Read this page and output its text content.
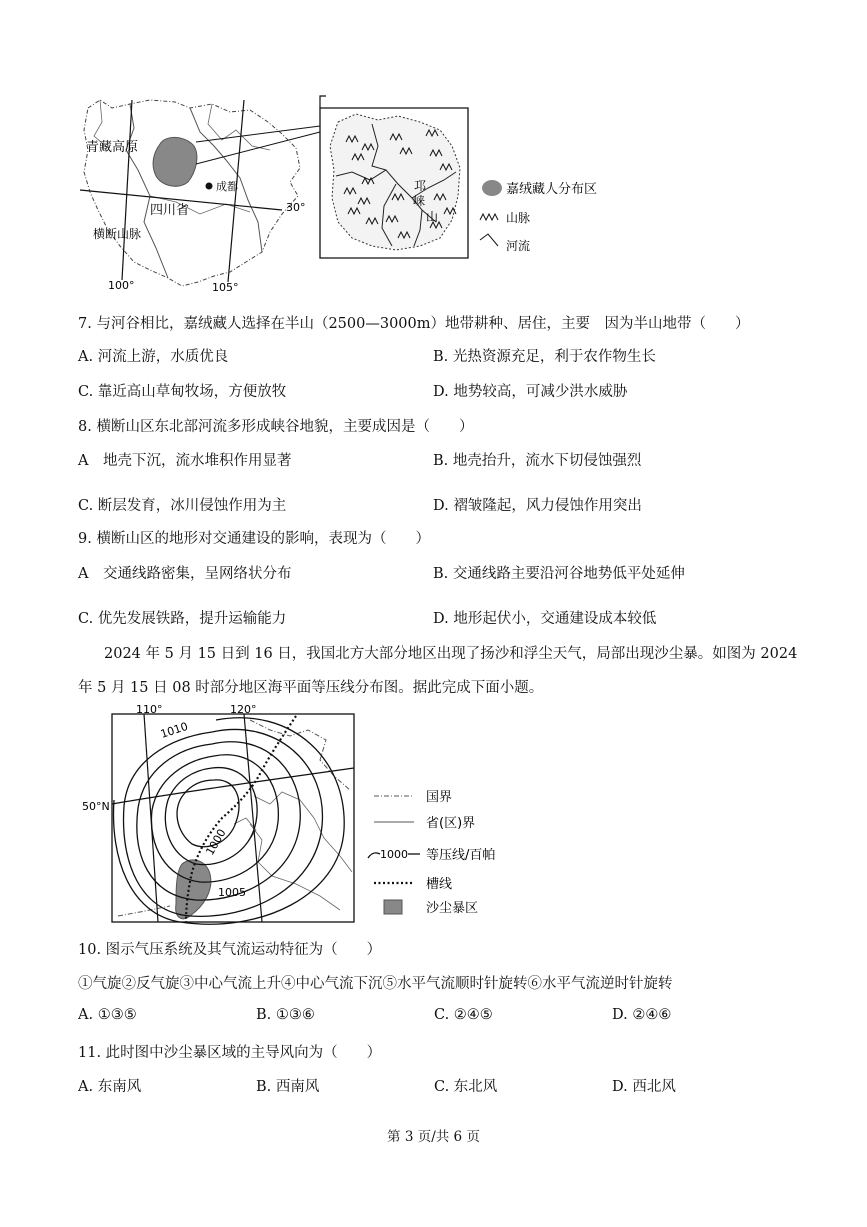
青藏高原
成都
四川省
横断山脉
30°
100°	105°
邛
崃
山
嘉绒藏人分布区
山脉
河流
7. 与河谷相比，嘉绒藏人选择在半山（2500—3000m）地带耕种、居住，主要　因为半山地带（　　）
A. 河流上游，水质优良	B. 光热资源充足，利于农作物生长
C. 靠近高山草甸牧场，方便放牧	D. 地势较高，可减少洪水威胁
8. 横断山区东北部河流多形成峡谷地貌，主要成因是（　　）
A　地壳下沉，流水堆积作用显著	B. 地壳抬升，流水下切侵蚀强烈
C. 断层发育，冰川侵蚀作用为主	D. 褶皱隆起，风力侵蚀作用突出
9. 横断山区的地形对交通建设的影响，表现为（　　）
A　交通线路密集，呈网络状分布	B. 交通线路主要沿河谷地势低平处延伸
C. 优先发展铁路，提升运输能力	D. 地形起伏小，交通建设成本较低
2024 年 5 月 15 日到 16 日，我国北方大部分地区出现了扬沙和浮尘天气，局部出现沙尘暴。如图为 2024
年 5 月 15 日 08 时部分地区海平面等压线分布图。据此完成下面小题。
110°	120°
50°N
1010
1000
1005
国界
省(区)界
1000 等压线/百帕
槽线
沙尘暴区
10. 图示气压系统及其气流运动特征为（　　）
①气旋②反气旋③中心气流上升④中心气流下沉⑤水平气流顺时针旋转⑥水平气流逆时针旋转
A. ①③⑤	B. ①③⑥	C. ②④⑤	D. ②④⑥
11. 此时图中沙尘暴区域的主导风向为（　　）
A. 东南风	B. 西南风	C. 东北风	D. 西北风
第 3 页/共 6 页
